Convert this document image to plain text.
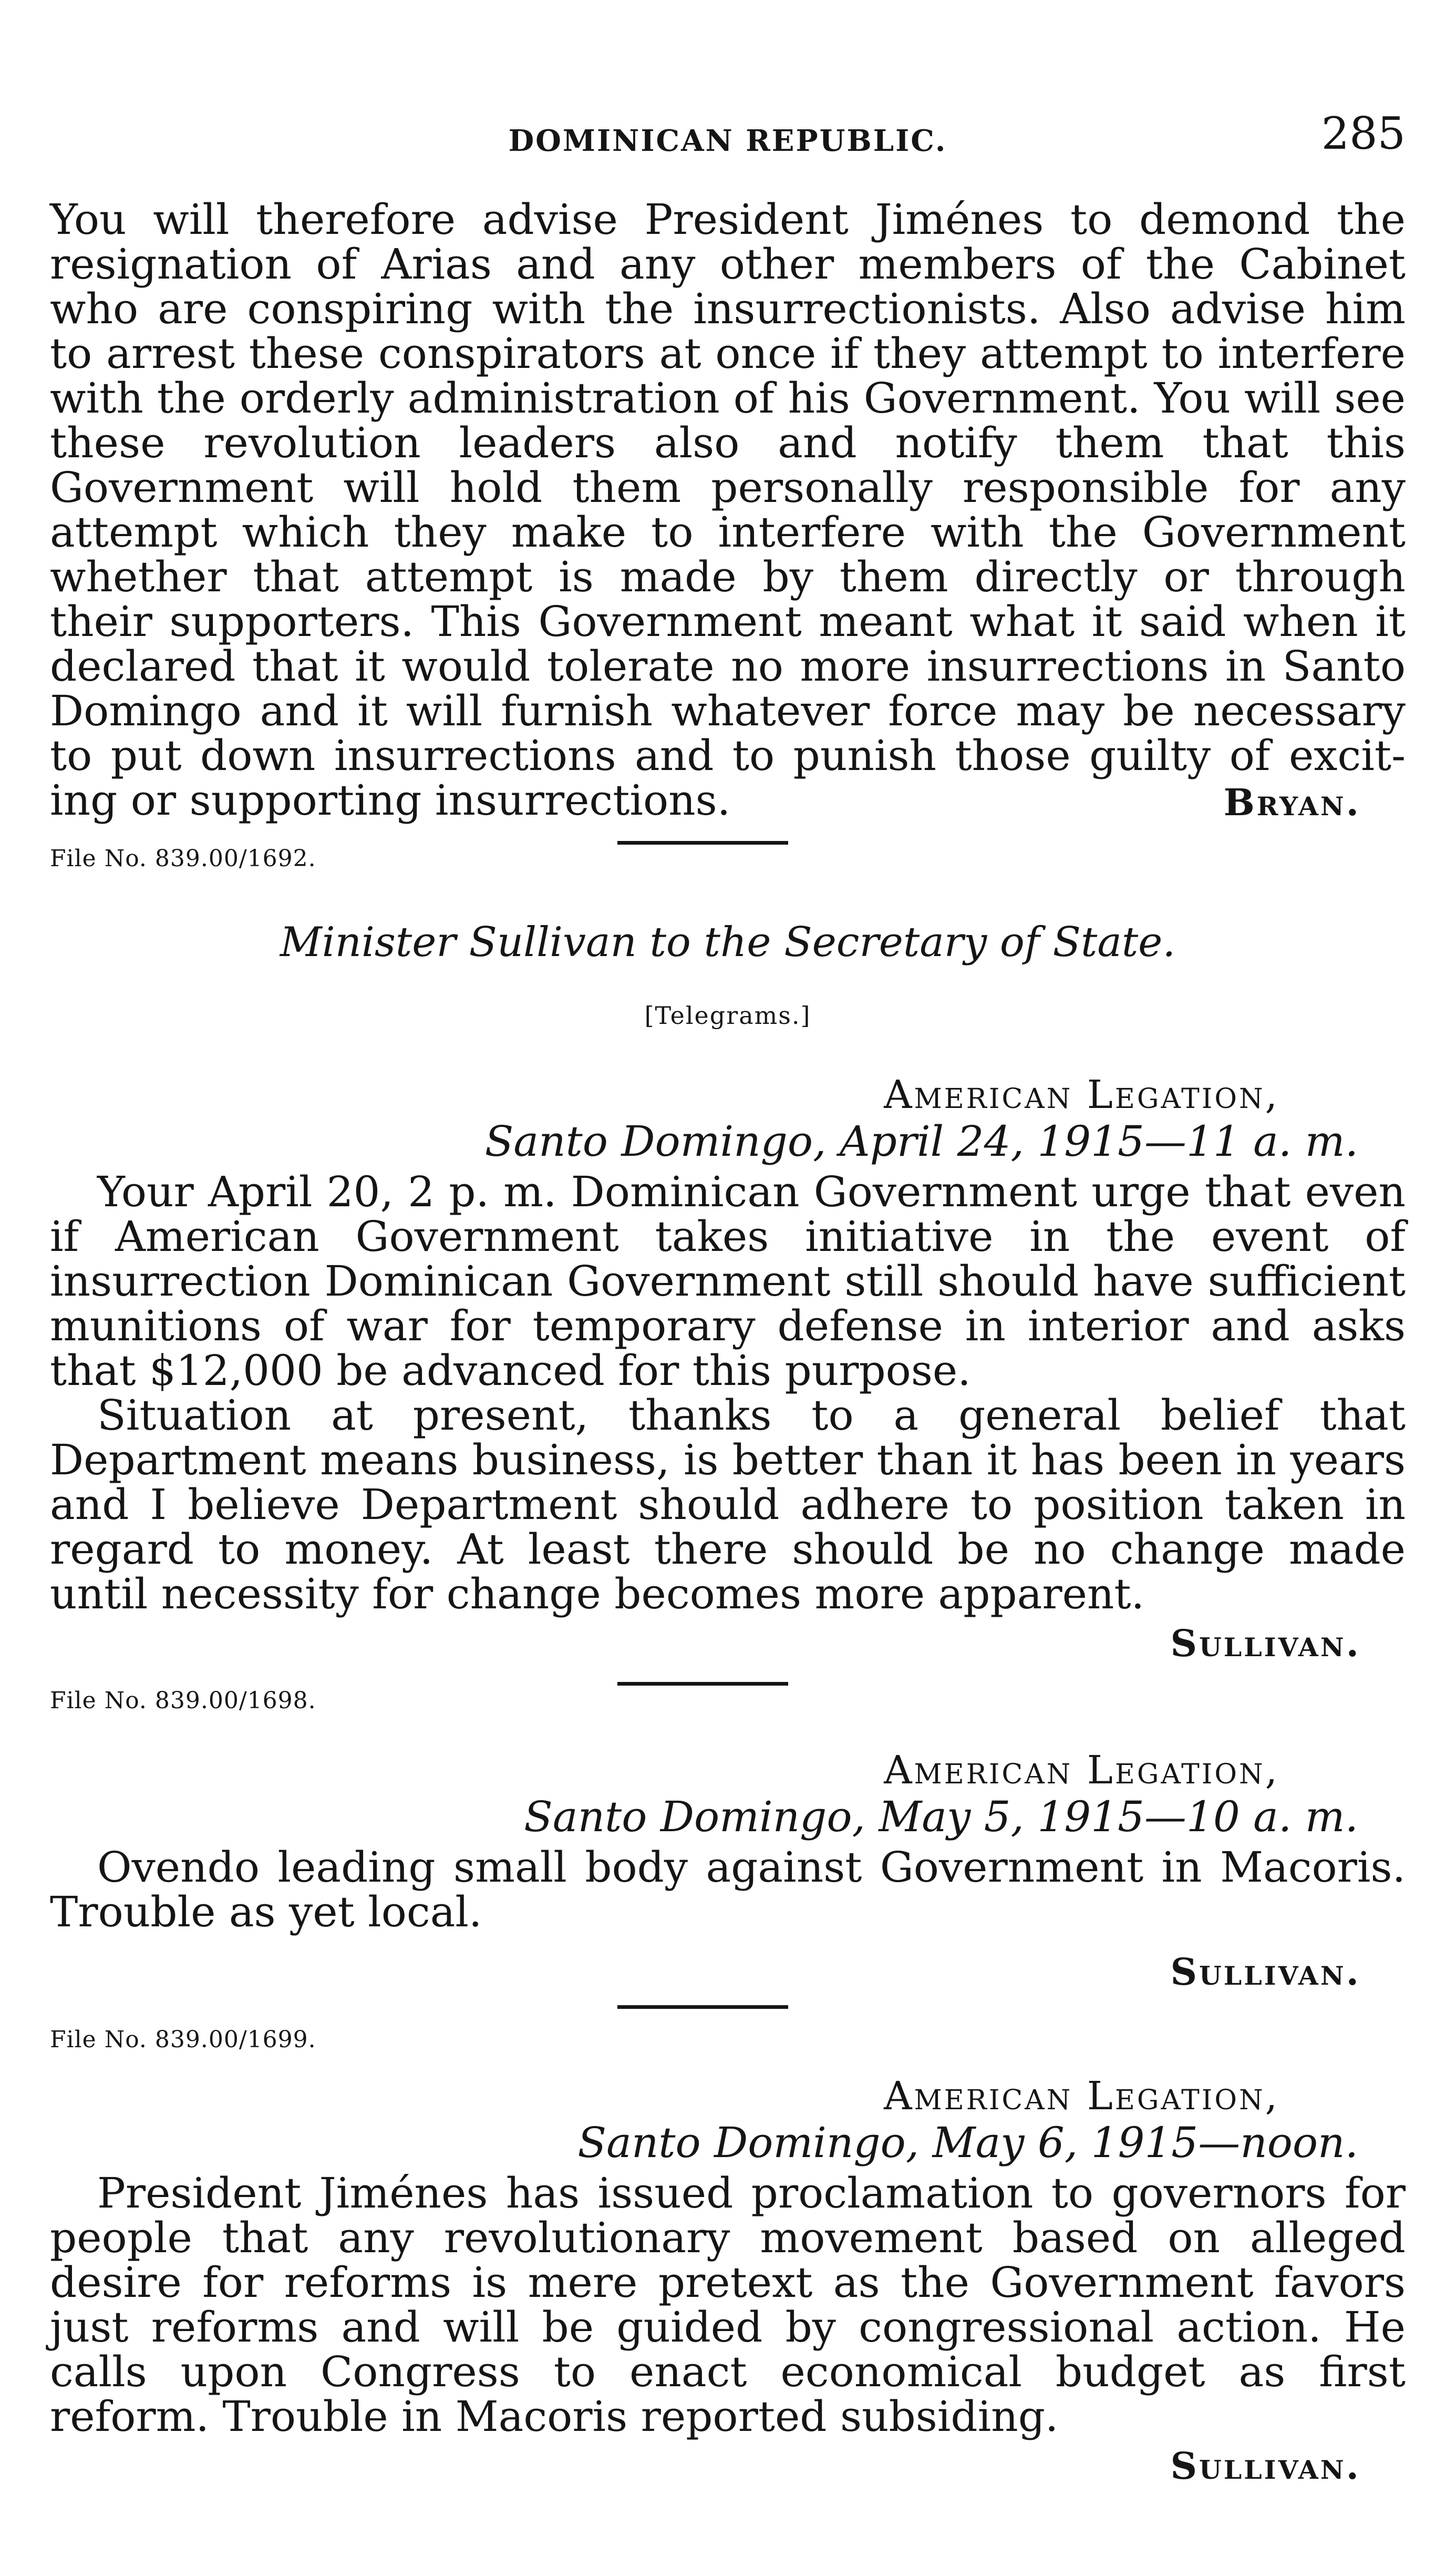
DOMINICAN REPUBLIC.	285

You will therefore advise President Jiménes to demond the resignation of Arias and any other members of the Cabinet who are conspiring with the insurrectionists. Also advise him to arrest these conspirators at once if they attempt to interfere with the orderly administration of his Government. You will see these revolution leaders also and notify them that this Government will hold them personally responsible for any attempt which they make to interfere with the Government whether that attempt is made by them directly or through their supporters. This Government meant what it said when it declared that it would tolerate no more insurrections in Santo Domingo and it will furnish whatever force may be necessary to put down insurrections and to punish those guilty of exciting or supporting insurrections.	Bryan.
File No. 839.00/1692.
Minister Sullivan to the Secretary of State.
[Telegrams.]
American Legation,
Santo Domingo, April 24, 1915—11 a. m.

Your April 20, 2 p. m. Dominican Government urge that even if American Government takes initiative in the event of insurrection Dominican Government still should have sufficient munitions of war for temporary defense in interior and asks that $12,000 be advanced for this purpose.

Situation at present, thanks to a general belief that Department means business, is better than it has been in years and I believe Department should adhere to position taken in regard to money. At least there should be no change made until necessity for change becomes more apparent.

Sullivan.
File No. 839.00/1698.
American Legation,
Santo Domingo, May 5, 1915—10 a. m.

Ovendo leading small body against Government in Macoris. Trouble as yet local.

Sullivan.
File No. 839.00/1699.
American Legation,
Santo Domingo, May 6, 1915—noon.

President Jiménes has issued proclamation to governors for people that any revolutionary movement based on alleged desire for reforms is mere pretext as the Government favors just reforms and will be guided by congressional action. He calls upon Congress to enact economical budget as first reform. Trouble in Macoris reported subsiding.

Sullivan.
